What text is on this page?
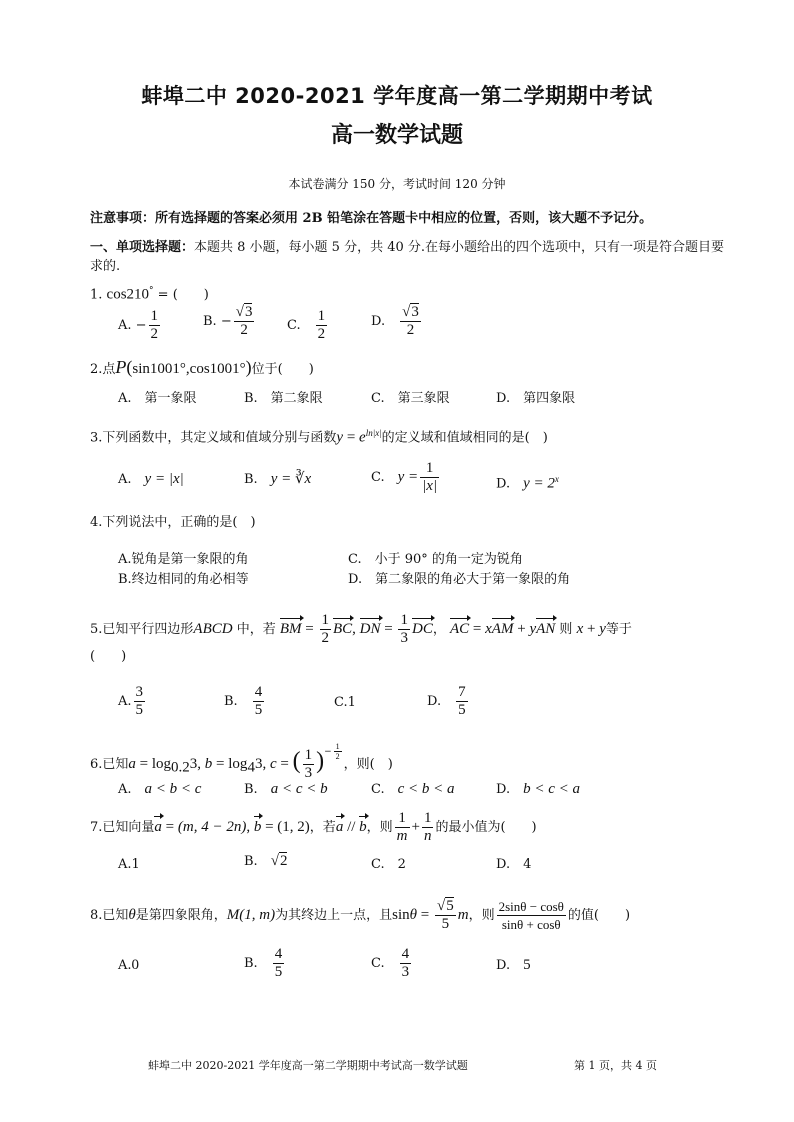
蚌埠二中 2020-2021 学年度高一第二学期期中考试
高一数学试题
本试卷满分 150 分，考试时间 120 分钟
注意事项：所有选择题的答案必须用 2B 铅笔涂在答题卡中相应的位置，否则，该大题不予记分。
一、单项选择题：本题共 8 小题，每小题 5 分，共 40 分.在每小题给出的四个选项中，只有一项是符合题目要求的.
1. cos210° = (　　)
A. − $\frac{1}{2}$	B. − $\frac{√3}{2}$	C.　 $\frac{1}{2}$	D.　 $\frac{√3}{2}$
2.点P(sin1001°,cos1001°)位于(　　)
A.　第一象限	B.　第二象限	C.　第三象限	D.　第四象限
3.下列函数中，其定义域和值域分别与函数$y = e^{ln|x|}$的定义域和值域相同的是(　)
A.　 y = |x|	B.　 y = ∛x	C.　 $y = \frac{1}{|x|}$	D.　 $y = 2^x$
4.下列说法中，正确的是(　)
A.锐角是第一象限的角	C.　小于 90° 的角一定为锐角
B.终边相同的角必相等	D.　第二象限的角必大于第一象限的角
5.已知平行四边形ABCD 中，若 BM = $\frac{1}{2}$ BC, DN = $\frac{1}{3}$ DC， AC = xAM + yAN 则 x + y等于
(　　)
A. $\frac{3}{5}$	B.　 $\frac{4}{5}$	C.1	D.　 $\frac{7}{5}$
6.已知$a = \log_{0.2}3$, $b = \log_43$, c = ( $\frac{1}{3} )^{- \frac{1}{2}}$
，则(　)
A.　 a < b < c	B.　 a < c < b	C.　 c < b < a	D.　 b < c < a
7.已知向量a = (m, 4 − 2n), b = (1, 2)，若a // b，则 $\frac{1}{m} + \frac{1}{n}$ 的最小值为(　　)
A.1	B.　 √2	C.　2	D.　4
8.已知θ是第四象限角，M(1, m)为其终边上一点，且$\sin\theta = \frac{√5}{5}$ m，则 $\frac{2\sin\theta - \cos\theta}{\sin\theta + \cos\theta}$ 的值(　　)
A.0	B.　 $\frac{4}{5}$	C.　 $\frac{4}{3}$	D.　 5
蚌埠二中 2020-2021 学年度高一第二学期期中考试高一数学试题	第 1 页，共 4 页
